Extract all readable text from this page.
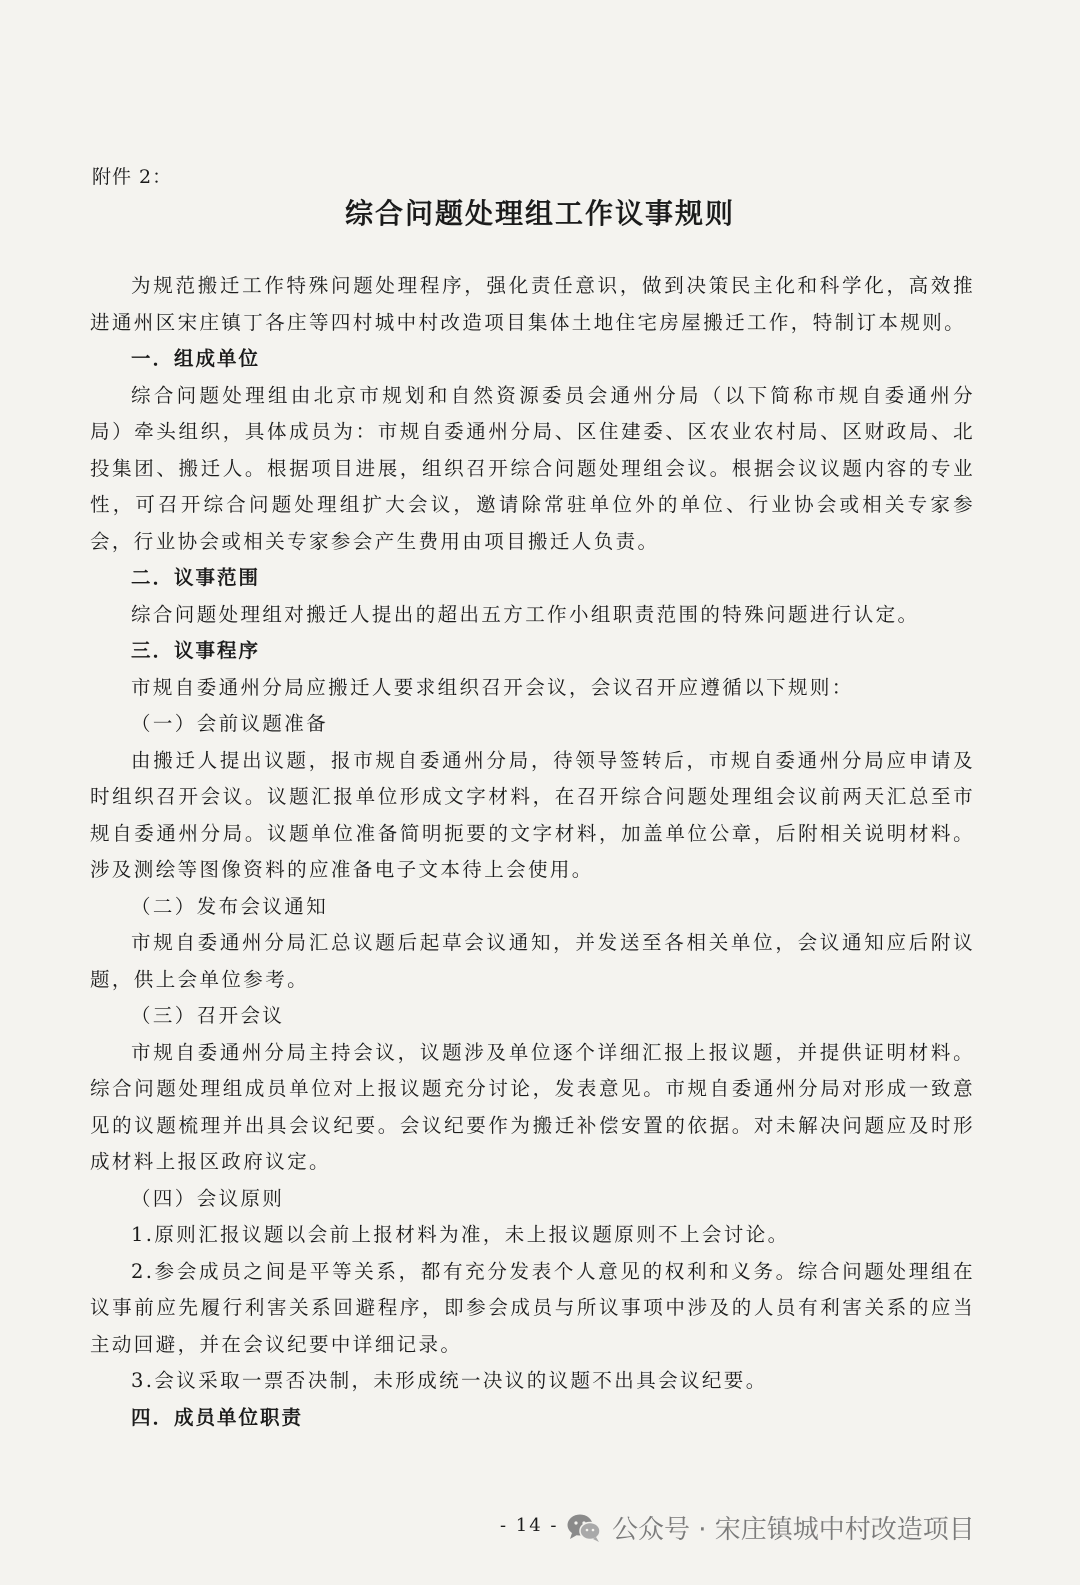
附件 2：
综合问题处理组工作议事规则

为规范搬迁工作特殊问题处理程序，强化责任意识，做到决策民主化和科学化，高效推进通州区宋庄镇丁各庄等四村城中村改造项目集体土地住宅房屋搬迁工作，特制订本规则。

一．组成单位

综合问题处理组由北京市规划和自然资源委员会通州分局（以下简称市规自委通州分局）牵头组织，具体成员为：市规自委通州分局、区住建委、区农业农村局、区财政局、北投集团、搬迁人。根据项目进展，组织召开综合问题处理组会议。根据会议议题内容的专业性，可召开综合问题处理组扩大会议，邀请除常驻单位外的单位、行业协会或相关专家参会，行业协会或相关专家参会产生费用由项目搬迁人负责。

二．议事范围

综合问题处理组对搬迁人提出的超出五方工作小组职责范围的特殊问题进行认定。

三．议事程序

市规自委通州分局应搬迁人要求组织召开会议，会议召开应遵循以下规则：

（一）会前议题准备

由搬迁人提出议题，报市规自委通州分局，待领导签转后，市规自委通州分局应申请及时组织召开会议。议题汇报单位形成文字材料，在召开综合问题处理组会议前两天汇总至市规自委通州分局。议题单位准备简明扼要的文字材料，加盖单位公章，后附相关说明材料。涉及测绘等图像资料的应准备电子文本待上会使用。

（二）发布会议通知

市规自委通州分局汇总议题后起草会议通知，并发送至各相关单位，会议通知应后附议题，供上会单位参考。

（三）召开会议

市规自委通州分局主持会议，议题涉及单位逐个详细汇报上报议题，并提供证明材料。综合问题处理组成员单位对上报议题充分讨论，发表意见。市规自委通州分局对形成一致意见的议题梳理并出具会议纪要。会议纪要作为搬迁补偿安置的依据。对未解决问题应及时形成材料上报区政府议定。

（四）会议原则

1.原则汇报议题以会前上报材料为准，未上报议题原则不上会讨论。

2.参会成员之间是平等关系，都有充分发表个人意见的权利和义务。综合问题处理组在议事前应先履行利害关系回避程序，即参会成员与所议事项中涉及的人员有利害关系的应当主动回避，并在会议纪要中详细记录。

3.会议采取一票否决制，未形成统一决议的议题不出具会议纪要。

四．成员单位职责

- 14 - 公众号 · 宋庄镇城中村改造项目
